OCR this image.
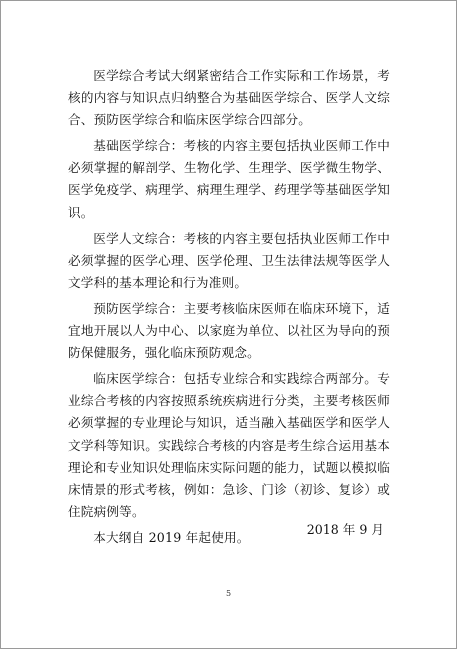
医学综合考试大纲紧密结合工作实际和工作场景，考核的内容与知识点归纳整合为基础医学综合、医学人文综合、预防医学综合和临床医学综合四部分。

基础医学综合：考核的内容主要包括执业医师工作中必须掌握的解剖学、生物化学、生理学、医学微生物学、医学免疫学、病理学、病理生理学、药理学等基础医学知识。

医学人文综合：考核的内容主要包括执业医师工作中必须掌握的医学心理、医学伦理、卫生法律法规等医学人文学科的基本理论和行为准则。

预防医学综合：主要考核临床医师在临床环境下，适宜地开展以人为中心、以家庭为单位、以社区为导向的预防保健服务，强化临床预防观念。

临床医学综合：包括专业综合和实践综合两部分。专业综合考核的内容按照系统疾病进行分类，主要考核医师必须掌握的专业理论与知识，适当融入基础医学和医学人文学科等知识。实践综合考核的内容是考生综合运用基本理论和专业知识处理临床实际问题的能力，试题以模拟临床情景的形式考核，例如：急诊、门诊（初诊、复诊）或住院病例等。

本大纲自 2019 年起使用。

2018 年 9 月
5
